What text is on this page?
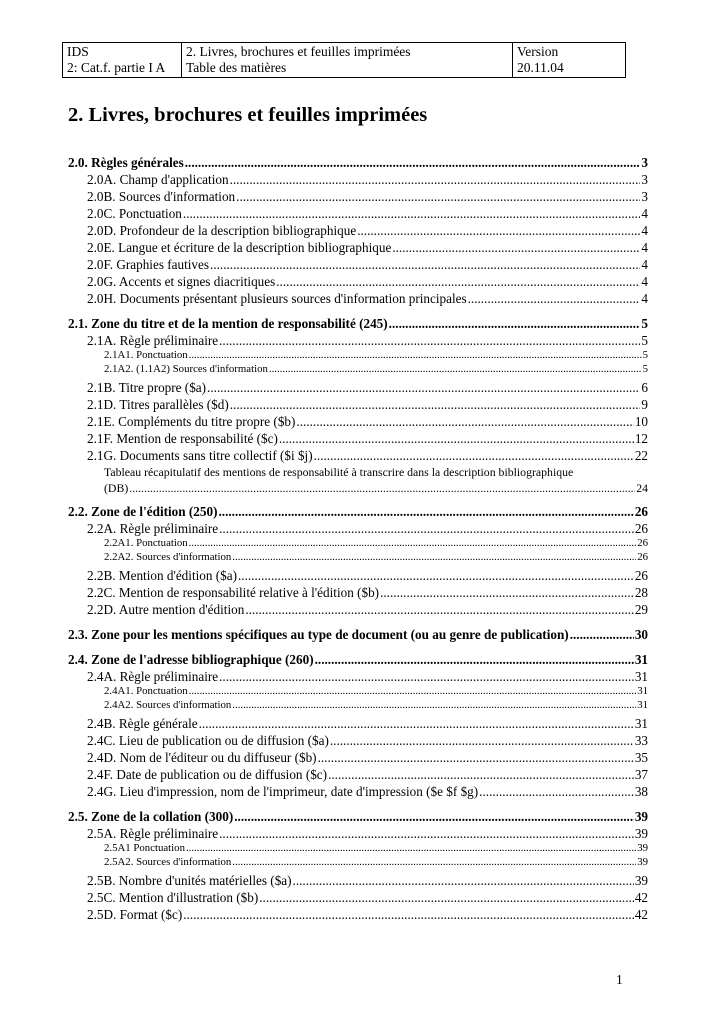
IDS
2: Cat.f. partie I A

2. Livres, brochures et feuilles imprimées
Table des matières

Version
20.11.04
2. Livres, brochures et feuilles imprimées
2.0. Règles générales .....	3
2.0A. Champ d'application .....	3
2.0B. Sources d'information .....	3
2.0C. Ponctuation .....	4
2.0D. Profondeur de la description bibliographique .....	4
2.0E. Langue et écriture de la description bibliographique .....	4
2.0F. Graphies fautives .....	4
2.0G. Accents et signes diacritiques .....	4
2.0H. Documents présentant plusieurs sources d'information principales .....	4
2.1. Zone du titre et de la mention de responsabilité (245) .....	5
2.1A. Règle préliminaire .....	5
2.1A1. Ponctuation .....	5
2.1A2. (1.1A2) Sources d'information .....	5
2.1B. Titre propre ($a) .....	6
2.1D. Titres parallèles ($d) .....	9
2.1E. Compléments du titre propre ($b) .....	10
2.1F. Mention de responsabilité ($c) .....	12
2.1G. Documents sans titre collectif ($i $j) .....	22
Tableau récapitulatif des mentions de responsabilité à transcrire dans la description bibliographique
(DB) .....	24
2.2. Zone de l'édition (250) .....	26
2.2A. Règle préliminaire .....	26
2.2A1. Ponctuation .....	26
2.2A2. Sources d'information .....	26
2.2B. Mention d'édition ($a) .....	26
2.2C. Mention de responsabilité relative à l'édition ($b) .....	28
2.2D. Autre mention d'édition .....	29
2.3. Zone pour les mentions spécifiques au type de document (ou au genre de publication) .....	30
2.4. Zone de l'adresse bibliographique (260) .....	31
2.4A. Règle préliminaire .....	31
2.4A1. Ponctuation .....	31
2.4A2. Sources d'information .....	31
2.4B. Règle générale .....	31
2.4C. Lieu de publication ou de diffusion ($a) .....	33
2.4D. Nom de l'éditeur ou du diffuseur ($b) .....	35
2.4F. Date de publication ou de diffusion ($c) .....	37
2.4G. Lieu d'impression, nom de l'imprimeur, date d'impression ($e $f $g) .....	38
2.5. Zone de la collation (300) .....	39
2.5A. Règle préliminaire .....	39
2.5A1 Ponctuation .....	39
2.5A2. Sources d'information .....	39
2.5B. Nombre d'unités matérielles ($a) .....	39
2.5C. Mention d'illustration ($b) .....	42
2.5D. Format ($c) .....	42
1
